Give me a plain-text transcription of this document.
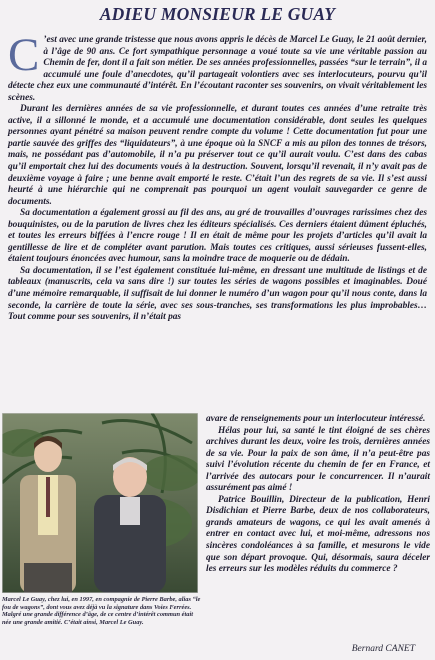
ADIEU MONSIEUR LE GUAY
C ’est avec une grande tristesse que nous avons appris le décès de Marcel Le Guay, le 21 août dernier, à l’âge de 90 ans. Ce fort sympathique personnage a voué toute sa vie une véritable passion au Chemin de fer, dont il a fait son métier. De ses années professionnelles, passées “sur le terrain”, il a accumulé une foule d’anecdotes, qu’il partageait volontiers avec ses interlocuteurs, pourvu qu’il détecte chez eux une communauté d’intérêt. En l’écoutant raconter ses souvenirs, on vivait véritablement les scènes.

Durant les dernières années de sa vie professionnelle, et durant toutes ces années d’une retraite très active, il a sillonné le monde, et a accumulé une documentation considérable, dont seules les quelques personnes ayant pénétré sa maison peuvent rendre compte du volume ! Cette documentation fut pour une partie sauvée des griffes des “liquidateurs”, à une époque où la SNCF a mis au pilon des tonnes de trésors, mais, ne possédant pas d’automobile, il n’a pu préserver tout ce qu’il aurait voulu. C’est dans des cabas qu’il emportait chez lui des documents voués à la destruction. Souvent, lorsqu’il revenait, il n’y avait pas de deuxième voyage à faire ; une benne avait emporté le reste. C’était l’un des regrets de sa vie. Il s’est aussi heurté à une hiérarchie qui ne comprenait pas pourquoi un agent voulait sauvegarder ce genre de documents.

Sa documentation a également grossi au fil des ans, au gré de trouvailles d’ouvrages rarissimes chez des bouquinistes, ou de la parution de livres chez les éditeurs spécialisés. Ces derniers étaient dûment épluchés, et toutes les erreurs biffées à l’encre rouge ! Il en était de même pour les projets d’articles qu’il avait la gentillesse de lire et de compléter avant parution. Mais toutes ces critiques, aussi sérieuses fussent-elles, étaient toujours énoncées avec humour, sans la moindre trace de moquerie ou de dédain.

Sa documentation, il se l’est également constituée lui-même, en dressant une multitude de listings et de tableaux (manuscrits, cela va sans dire !) sur toutes les séries de wagons possibles et imaginables. Doué d’une mémoire remarquable, il suffisait de lui donner le numéro d’un wagon pour qu’il nous conte, dans la seconde, la carrière de toute la série, avec ses sous-tranches, ses transformations les plus improbables… Tout comme pour ses souvenirs, il n’était pas

Marcel Le Guay, chez lui, en 1997, en compagnie de Pierre Barbe, alias “le fou de wagons”, dont vous avez déjà vu la signature dans Voies Ferrées. Malgré une grande différence d’âge, de ce centre d’intérêt commun était née une grande amitié. C’était ainsi, Marcel Le Guay.

avare de renseignements pour un interlocuteur intéressé.

Hélas pour lui, sa santé le tint éloigné de ses chères archives durant les deux, voire les trois, dernières années de sa vie. Pour la paix de son âme, il n’a peut-être pas suivi l’évolution récente du chemin de fer en France, et l’arrivée des autocars pour le concurrencer. Il n’aurait assurément pas aimé !

Patrice Bouillin, Directeur de la publication, Henri Disdichian et Pierre Barbe, deux de nos collaborateurs, grands amateurs de wagons, ce qui les avait amenés à entrer en contact avec lui, et moi-même, adressons nos sincères condoléances à sa famille, et mesurons le vide que son départ provoque. Qui, désormais, saura déceler les erreurs sur les modèles réduits du commerce ?

Bernard CANET
